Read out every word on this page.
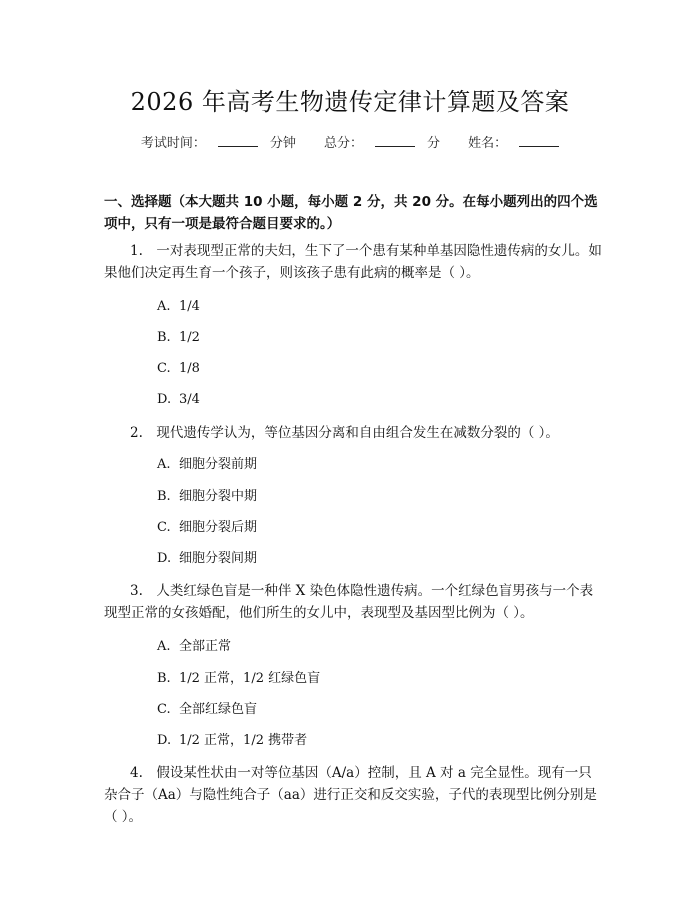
2026 年高考生物遗传定律计算题及答案
考试时间：	分钟 总分：	分 姓名：
一、选择题（本大题共 10 小题，每小题 2 分，共 20 分。在每小题列出的四个选项中，只有一项是最符合题目要求的。）
1.　一对表现型正常的夫妇，生下了一个患有某种单基因隐性遗传病的女儿。如果他们决定再生育一个孩子，则该孩子患有此病的概率是（ ）。
A. 1/4
B. 1/2
C. 1/8
D. 3/4
2.　现代遗传学认为，等位基因分离和自由组合发生在减数分裂的（ ）。
A. 细胞分裂前期
B. 细胞分裂中期
C. 细胞分裂后期
D. 细胞分裂间期
3.　人类红绿色盲是一种伴 X 染色体隐性遗传病。一个红绿色盲男孩与一个表现型正常的女孩婚配，他们所生的女儿中，表现型及基因型比例为（ ）。
A. 全部正常
B. 1/2 正常，1/2 红绿色盲
C. 全部红绿色盲
D. 1/2 正常，1/2 携带者
4.　假设某性状由一对等位基因（A/a）控制，且 A 对 a 完全显性。现有一只杂合子（Aa）与隐性纯合子（aa）进行正交和反交实验，子代的表现型比例分别是（ ）。
